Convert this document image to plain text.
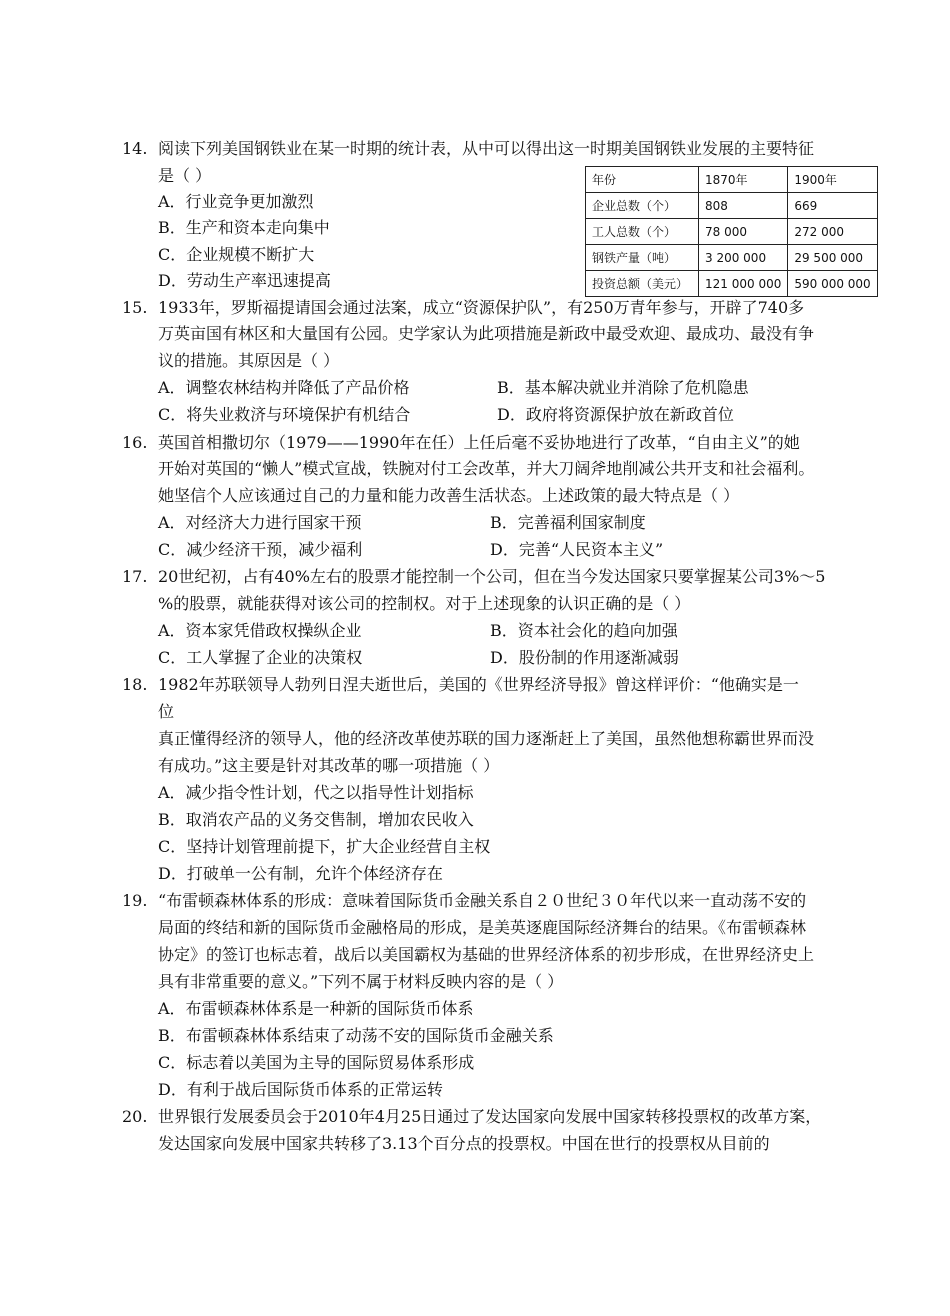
14. 阅读下列美国钢铁业在某一时期的统计表，从中可以得出这一时期美国钢铁业发展的主要特征
是（ ）
A．行业竞争更加激烈
B．生产和资本走向集中
C．企业规模不断扩大
D．劳动生产率迅速提高
年份	1870年	1900年
企业总数（个）	808	669
工人总数（个）	78 000	272 000
钢铁产量（吨）	3 200 000	29 500 000
投资总额（美元）	121 000 000	590 000 000
15. 1933年，罗斯福提请国会通过法案，成立“资源保护队”，有250万青年参与，开辟了740多
万英亩国有林区和大量国有公园。史学家认为此项措施是新政中最受欢迎、最成功、最没有争
议的措施。其原因是（ ）
A．调整农林结构并降低了产品价格	B．基本解决就业并消除了危机隐患
C．将失业救济与环境保护有机结合	D．政府将资源保护放在新政首位
16. 英国首相撒切尔（1979——1990年在任）上任后毫不妥协地进行了改革，“自由主义”的她
开始对英国的“懒人”模式宣战，铁腕对付工会改革，并大刀阔斧地削减公共开支和社会福利。
她坚信个人应该通过自己的力量和能力改善生活状态。上述政策的最大特点是（ ）
A．对经济大力进行国家干预	B．完善福利国家制度
C．减少经济干预，减少福利	D．完善“人民资本主义”
17. 20世纪初，占有40%左右的股票才能控制一个公司，但在当今发达国家只要掌握某公司3%～5
%的股票，就能获得对该公司的控制权。对于上述现象的认识正确的是（ ）
A．资本家凭借政权操纵企业	B．资本社会化的趋向加强
C．工人掌握了企业的决策权	D．股份制的作用逐渐减弱
18. 1982年苏联领导人勃列日涅夫逝世后，美国的《世界经济导报》曾这样评价：“他确实是一
位
真正懂得经济的领导人，他的经济改革使苏联的国力逐渐赶上了美国，虽然他想称霸世界而没
有成功。”这主要是针对其改革的哪一项措施（ ）
A．减少指令性计划，代之以指导性计划指标
B．取消农产品的义务交售制，增加农民收入
C．坚持计划管理前提下，扩大企业经营自主权
D．打破单一公有制，允许个体经济存在
19. “布雷顿森林体系的形成：意味着国际货币金融关系自２０世纪３０年代以来一直动荡不安的
局面的终结和新的国际货币金融格局的形成，是美英逐鹿国际经济舞台的结果。《布雷顿森林
协定》的签订也标志着，战后以美国霸权为基础的世界经济体系的初步形成，在世界经济史上
具有非常重要的意义。”下列不属于材料反映内容的是（ ）
A．布雷顿森林体系是一种新的国际货币体系
B．布雷顿森林体系结束了动荡不安的国际货币金融关系
C．标志着以美国为主导的国际贸易体系形成
D．有利于战后国际货币体系的正常运转
20. 世界银行发展委员会于2010年4月25日通过了发达国家向发展中国家转移投票权的改革方案，
发达国家向发展中国家共转移了3.13个百分点的投票权。中国在世行的投票权从目前的
